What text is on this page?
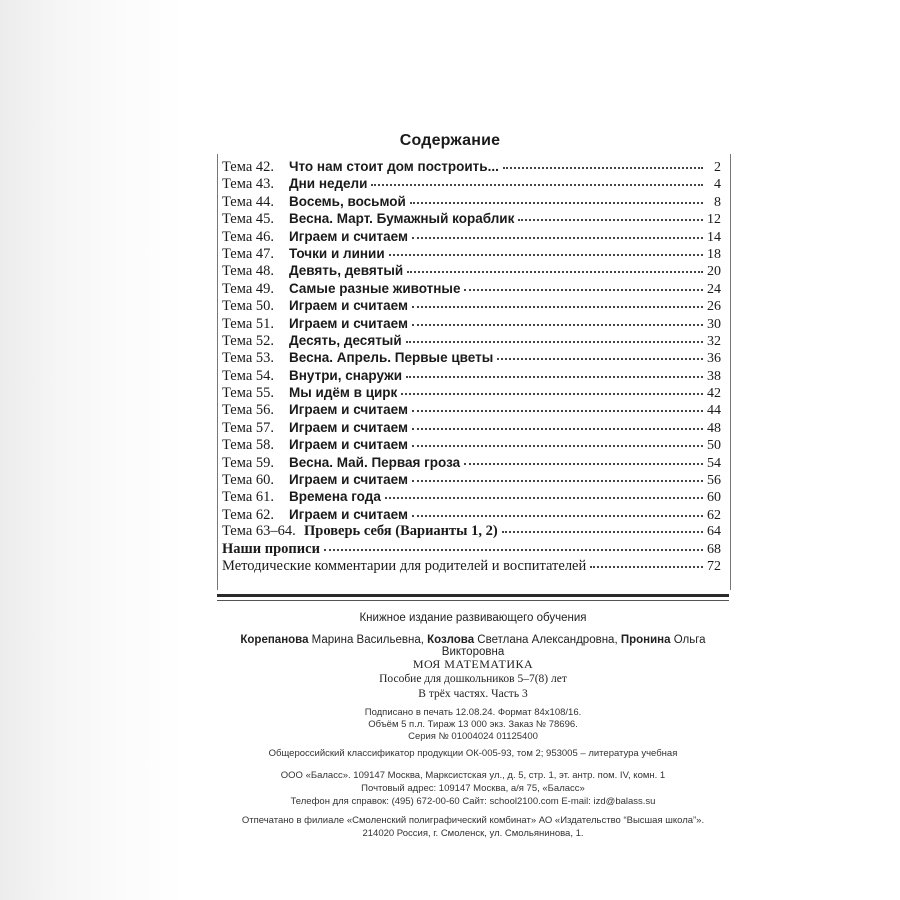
Содержание
Тема 42.	Что нам стоит дом построить...	2
Тема 43.	Дни недели	4
Тема 44.	Восемь, восьмой	8
Тема 45.	Весна. Март. Бумажный кораблик	12
Тема 46.	Играем и считаем	14
Тема 47.	Точки и линии	18
Тема 48.	Девять, девятый	20
Тема 49.	Самые разные животные	24
Тема 50.	Играем и считаем	26
Тема 51.	Играем и считаем	30
Тема 52.	Десять, десятый	32
Тема 53.	Весна. Апрель. Первые цветы	36
Тема 54.	Внутри, снаружи	38
Тема 55.	Мы идём в цирк	42
Тема 56.	Играем и считаем	44
Тема 57.	Играем и считаем	48
Тема 58.	Играем и считаем	50
Тема 59.	Весна. Май. Первая гроза	54
Тема 60.	Играем и считаем	56
Тема 61.	Времена года	60
Тема 62.	Играем и считаем	62
Тема 63–64. Проверь себя (Варианты 1, 2)	64
Наши прописи	68
Методические комментарии для родителей и воспитателей	72
Книжное издание развивающего обучения
Корепанова Марина Васильевна, Козлова Светлана Александровна, Пронина Ольга Викторовна
МОЯ МАТЕМАТИКА
Пособие для дошкольников 5–7(8) лет
В трёх частях. Часть 3
Подписано в печать 12.08.24. Формат 84x108/16.
Объём 5 п.л. Тираж 13 000 экз. Заказ № 78696.
Серия № 01004024 01125400
Общероссийский классификатор продукции ОК-005-93, том 2; 953005 – литература учебная
ООО «Баласс». 109147 Москва, Марксистская ул., д. 5, стр. 1, эт. антр. пом. IV, комн. 1
Почтовый адрес: 109147 Москва, а/я 75, «Баласс»
Телефон для справок: (495) 672-00-60 Сайт: school2100.com E-mail: izd@balass.su
Отпечатано в филиале «Смоленский полиграфический комбинат» АО «Издательство “Высшая школа”».
214020 Россия, г. Смоленск, ул. Смольянинова, 1.
